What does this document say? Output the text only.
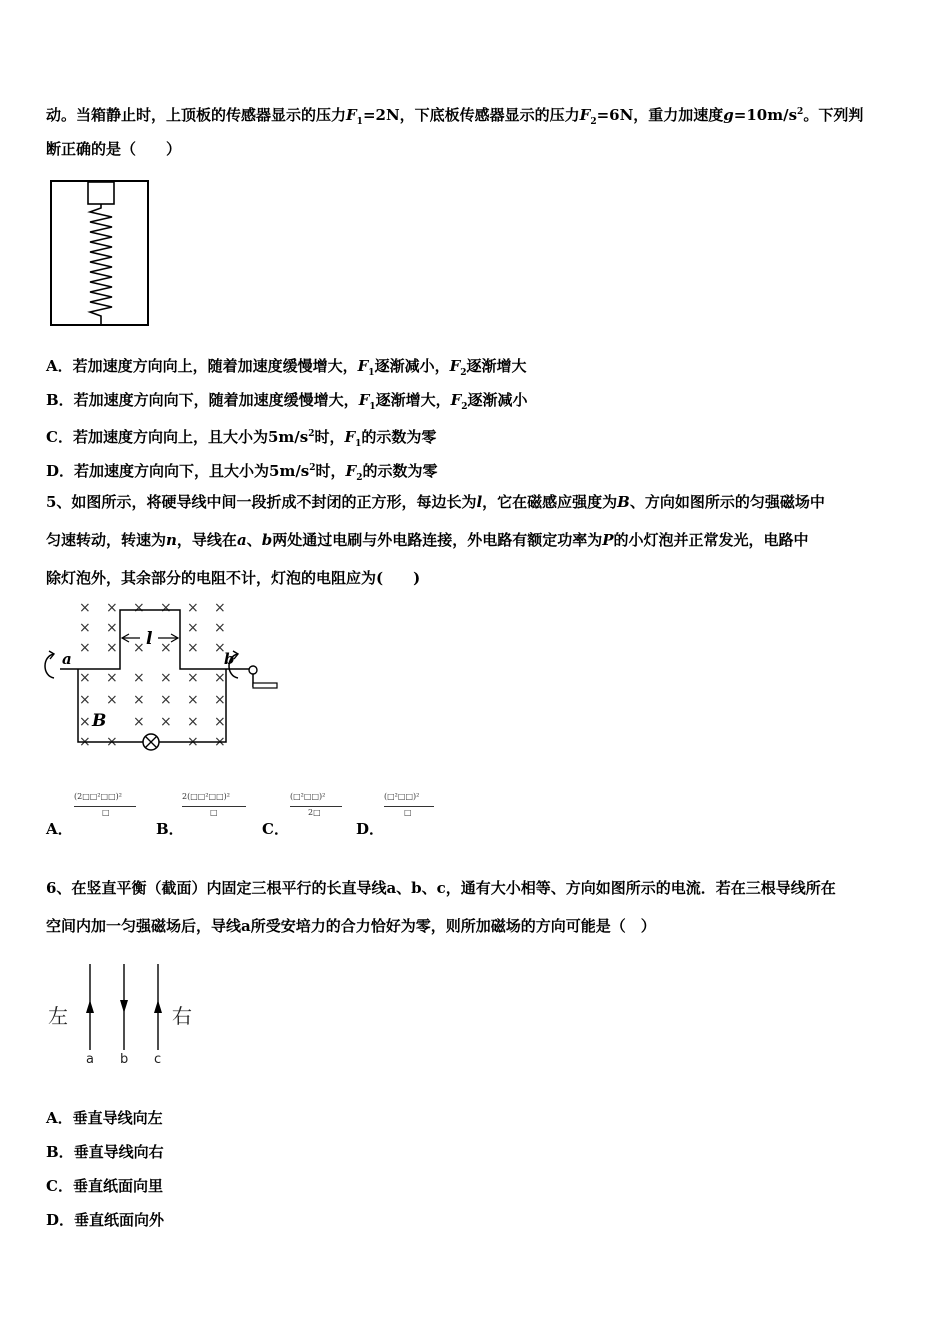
动。当箱静止时，上顶板的传感器显示的压力$F_1=2N$，下底板传感器显示的压力$F_2=6N$，重力加速度$g=10m/s^2$。下列判
断正确的是（　　）
A．若加速度方向向上，随着加速度缓慢增大，$F_1$逐渐减小，$F_2$逐渐增大
B．若加速度方向向下，随着加速度缓慢增大，$F_1$逐渐增大，$F_2$逐渐减小
C．若加速度方向向上，且大小为$5m/s^2$时，$F_1$的示数为零
D．若加速度方向向下，且大小为$5m/s^2$时，$F_2$的示数为零
5、如图所示，将硬导线中间一段折成不封闭的正方形，每边长为l，它在磁感应强度为B、方向如图所示的匀强磁场中
匀速转动，转速为n，导线在a、b两处通过电刷与外电路连接，外电路有额定功率为P的小灯泡并正常发光，电路中
除灯泡外，其余部分的电阻不计，灯泡的电阻应为(　　)
× × × × × ×
× ×	× ×
× × × × × ×
× × × × × ×
× × × × × ×
×	× × × ×
× ×	× ×
l
a	b
B
A．
(2□□²□□)²
□
B．
2(□□²□□)²
□
C．
(□²□□)²
2□
D．
(□²□□)²
□
6、在竖直平衡（截面）内固定三根平行的长直导线a、b、c，通有大小相等、方向如图所示的电流．若在三根导线所在
空间内加一匀强磁场后，导线a所受安培力的合力恰好为零，则所加磁场的方向可能是（　）
左	右
a b c
A．垂直导线向左
B．垂直导线向右
C．垂直纸面向里
D．垂直纸面向外
